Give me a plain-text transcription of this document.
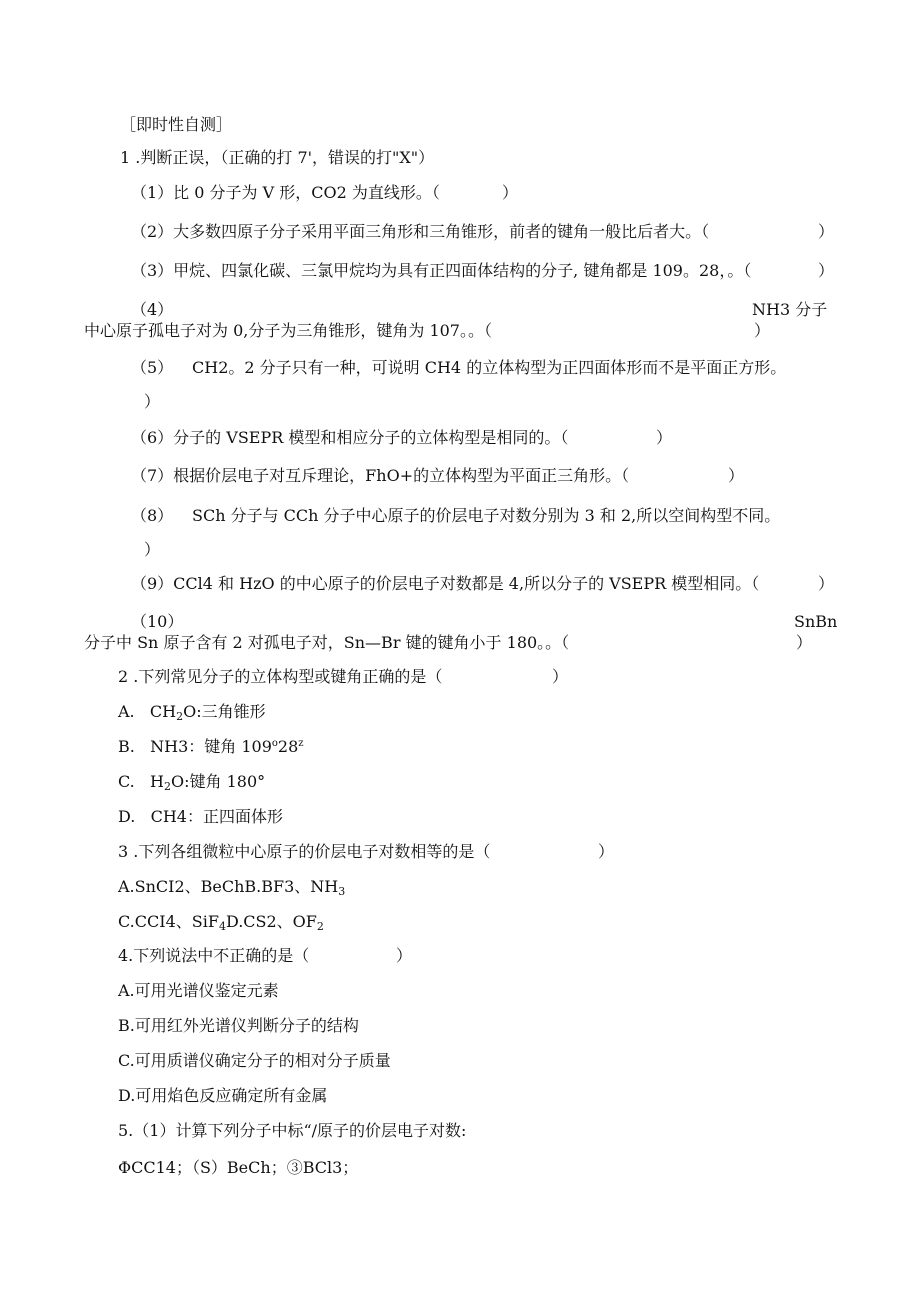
［即时性自测］
1 .判断正误，（正确的打 7'，错误的打"X"）
（1）比 0 分子为 V 形，CO2 为直线形。（	）
（2）大多数四原子分子采用平面三角形和三角锥形，前者的键角一般比后者大。（	）
（3）甲烷、四氯化碳、三氯甲烷均为具有正四面体结构的分子, 键角都是 109。28，。（	）
（4）	NH3 分子
中心原子孤电子对为 0,分子为三角锥形，键角为 107。。（	）
（5） CH2。2 分子只有一种，可说明 CH4 的立体构型为正四面体形而不是平面正方形。
）
（6）分子的 VSEPR 模型和相应分子的立体构型是相同的。（	）
（7）根据价层电子对互斥理论，FhO+的立体构型为平面正三角形。（	）
（8） SCh 分子与 CCh 分子中心原子的价层电子对数分别为 3 和 2,所以空间构型不同。
）
（9）CCl4 和 HzO 的中心原子的价层电子对数都是 4,所以分子的 VSEPR 模型相同。（	）
（10）	SnBn
分子中 Sn 原子含有 2 对孤电子对，Sn—Br 键的键角小于 180。。（	）
2 .下列常见分子的立体构型或键角正确的是（	）
A. $CH_2O$:三角锥形
B. NH3：键角 109$^o$28$^z$
C. $H_2O$:键角 180°
D. CH4：正四面体形
3 .下列各组微粒中心原子的价层电子对数相等的是（	）
A.SnCI2、BeChB.BF3、$NH_3$
C.CCI4、SiF$_4$D.CS2、$OF_2$
4.下列说法中不正确的是（	）
A.可用光谱仪鉴定元素
B.可用红外光谱仪判断分子的结构
C.可用质谱仪确定分子的相对分子质量
D.可用焰色反应确定所有金属
5.（1）计算下列分子中标“/原子的价层电子对数:
ΦCC14；（S）BeCh；③BCl3；
